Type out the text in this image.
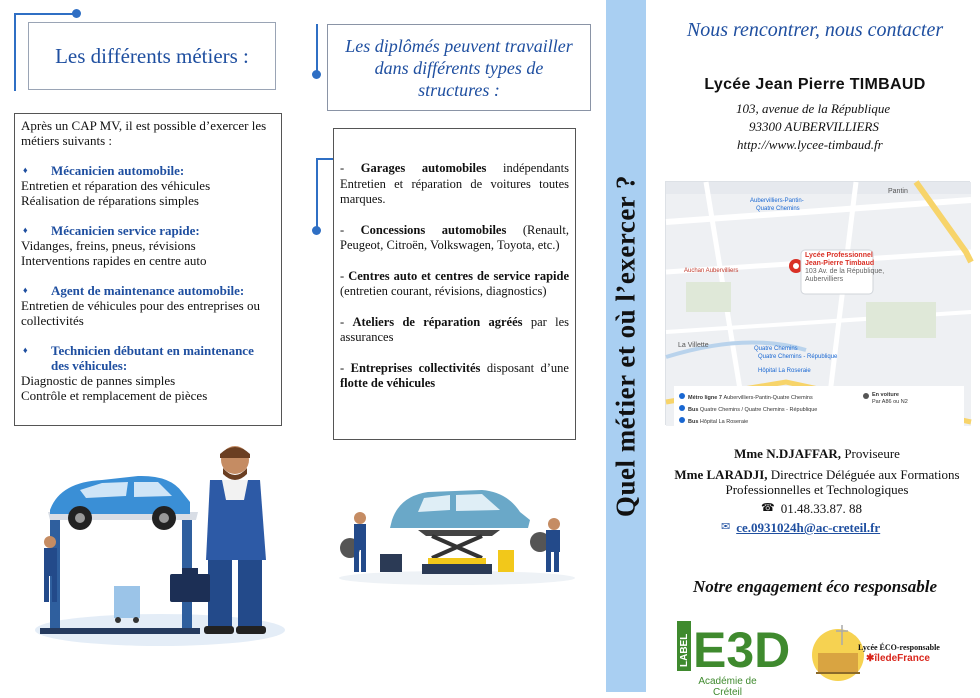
Les différents métiers :
Après un CAP MV, il est possible d’exercer les métiers suivants :
♦	Mécanicien automobile:
Entretien et réparation des véhicules
Réalisation de réparations simples
♦	Mécanicien service rapide:
Vidanges, freins, pneus, révisions
Interventions rapides en centre auto
♦	Agent de maintenance automobile:
Entretien de véhicules pour des entreprises ou collectivités
♦	Technicien débutant en maintenance des véhicules:
Diagnostic de pannes simples
Contrôle et remplacement de pièces
Les diplômés peuvent travailler dans différents types de structures :
- Garages automobiles indépendants Entretien et réparation de voitures toutes marques.
- Concessions automobiles (Renault, Peugeot, Citroën, Volkswagen, Toyota, etc.)
- Centres auto et centres de service rapide (entretien courant, révisions, diagnostics)
- Ateliers de réparation agréés par les assurances
- Entreprises collectivités disposant d’une flotte de véhicules	Quel métier et où l’exercer ?
Nous rencontrer, nous contacter
Lycée Jean Pierre TIMBAUD
103, avenue de la République
93300 AUBERVILLIERS
http://www.lycee-timbaud.fr
Lycée Professionnel
Jean-Pierre Timbaud
103 Av. de la République,
Aubervilliers
Pantin
Aubervilliers-Pantin-
Quatre Chemins
Auchan Aubervilliers
La Villette	Quatre Chemins
Quatre Chemins - République
Hôpital La Roseraie
Métro ligne 7 Aubervilliers-Pantin-Quatre Chemins
Bus Quatre Chemins / Quatre Chemins - République
Bus Hôpital La Roseraie
En voiture
Par A86 ou N2
Mme N.DJAFFAR, Proviseure
Mme LARADJI, Directrice Déléguée aux Formations Professionnelles et Technologiques
☎ 01.48.33.87. 88
✉ ce.0931024h@ac-creteil.fr
Notre engagement éco responsable
LABEL E3D
Académie de Créteil
Lycée ÉCO-responsable
✱îledeFrance
